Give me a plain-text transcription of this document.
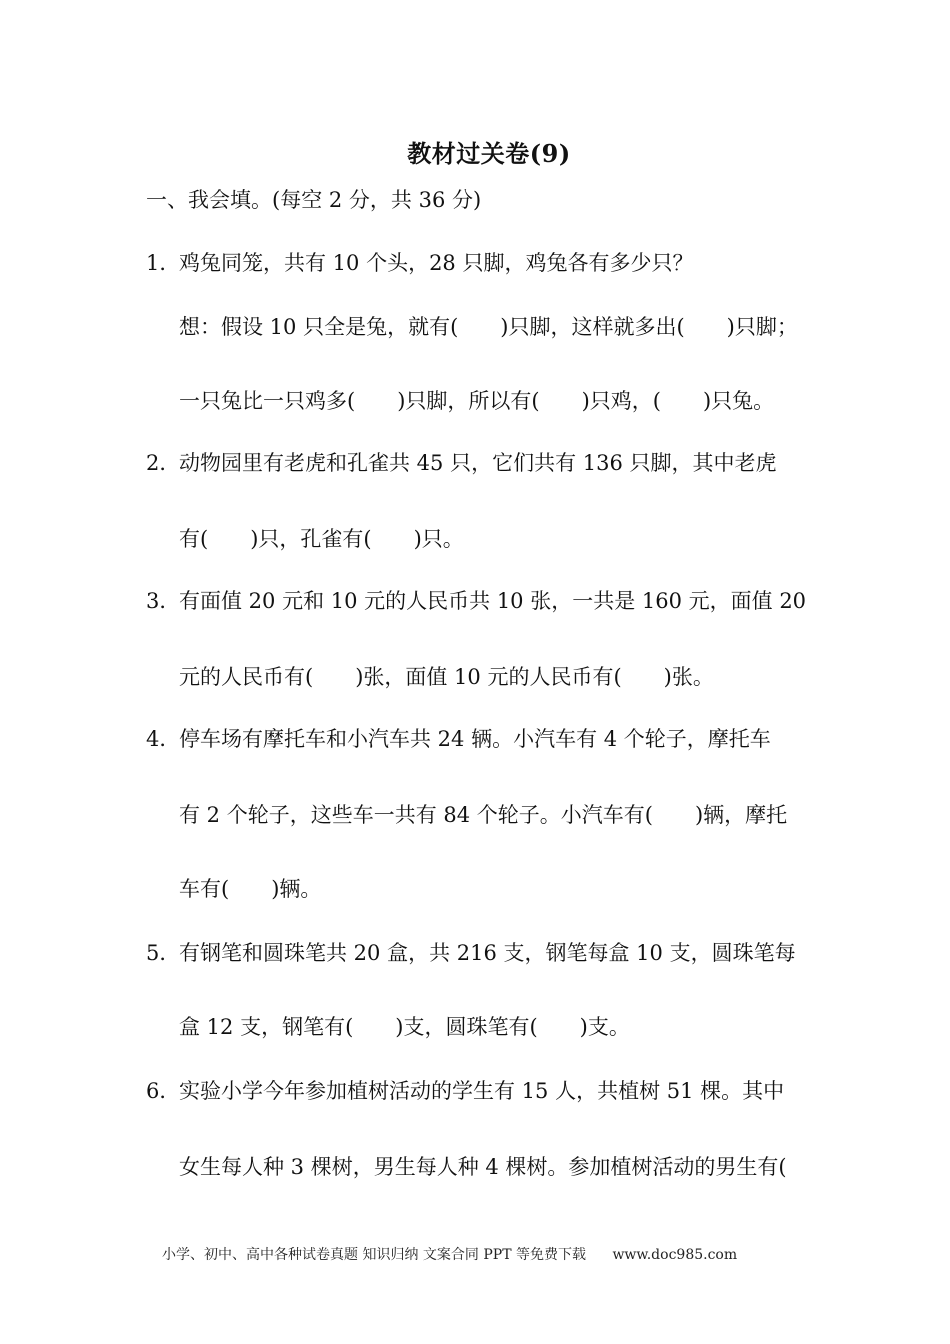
教材过关卷(9)
一、我会填。(每空 2 分，共 36 分)
1．
鸡兔同笼，共有 10 个头，28 只脚，鸡兔各有多少只？
想：假设 10 只全是兔，就有(　　)只脚，这样就多出(　　)只脚；
一只兔比一只鸡多(　　)只脚，所以有(　　)只鸡，(　　)只兔。
2．
动物园里有老虎和孔雀共 45 只，它们共有 136 只脚，其中老虎
有(　　)只，孔雀有(　　)只。
3．
有面值 20 元和 10 元的人民币共 10 张，一共是 160 元，面值 20
元的人民币有(　　)张，面值 10 元的人民币有(　　)张。
4．
停车场有摩托车和小汽车共 24 辆。小汽车有 4 个轮子，摩托车
有 2 个轮子，这些车一共有 84 个轮子。小汽车有(　　)辆，摩托
车有(　　)辆。
5．
有钢笔和圆珠笔共 20 盒，共 216 支，钢笔每盒 10 支，圆珠笔每
盒 12 支，钢笔有(　　)支，圆珠笔有(　　)支。
6．
实验小学今年参加植树活动的学生有 15 人，共植树 51 棵。其中
女生每人种 3 棵树，男生每人种 4 棵树。参加植树活动的男生有(
小学、初中、高中各种试卷真题 知识归纳 文案合同 PPT 等免费下载 www.doc985.com
